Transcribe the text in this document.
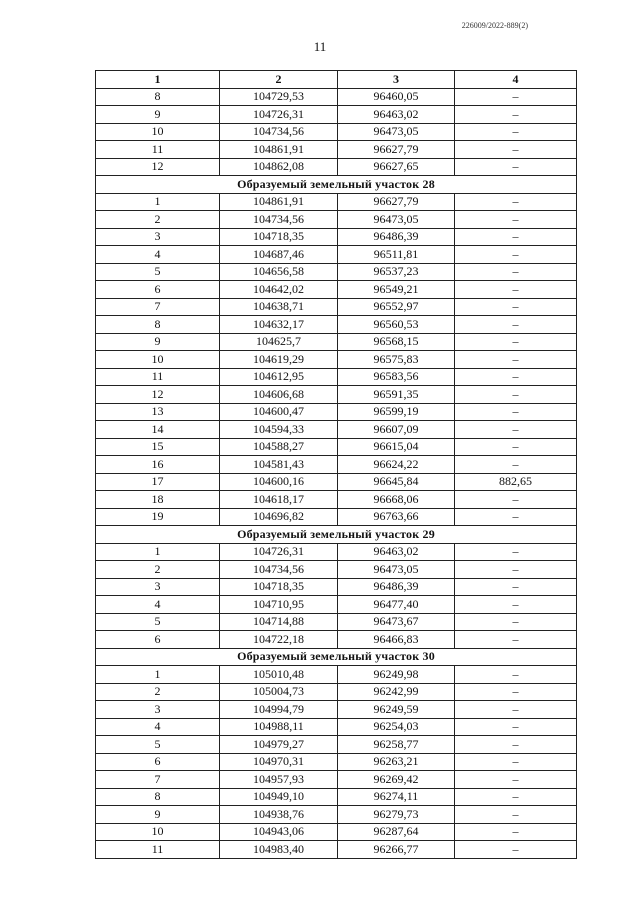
226009/2022-889(2)
11
1	2	3	4
8	104729,53	96460,05	–
9	104726,31	96463,02	–
10	104734,56	96473,05	–
11	104861,91	96627,79	–
12	104862,08	96627,65	–
Образуемый земельный участок 28			
1	104861,91	96627,79	–
2	104734,56	96473,05	–
3	104718,35	96486,39	–
4	104687,46	96511,81	–
5	104656,58	96537,23	–
6	104642,02	96549,21	–
7	104638,71	96552,97	–
8	104632,17	96560,53	–
9	104625,7	96568,15	–
10	104619,29	96575,83	–
11	104612,95	96583,56	–
12	104606,68	96591,35	–
13	104600,47	96599,19	–
14	104594,33	96607,09	–
15	104588,27	96615,04	–
16	104581,43	96624,22	–
17	104600,16	96645,84	882,65
18	104618,17	96668,06	–
19	104696,82	96763,66	–
Образуемый земельный участок 29			
1	104726,31	96463,02	–
2	104734,56	96473,05	–
3	104718,35	96486,39	–
4	104710,95	96477,40	–
5	104714,88	96473,67	–
6	104722,18	96466,83	–
Образуемый земельный участок 30			
1	105010,48	96249,98	–
2	105004,73	96242,99	–
3	104994,79	96249,59	–
4	104988,11	96254,03	–
5	104979,27	96258,77	–
6	104970,31	96263,21	–
7	104957,93	96269,42	–
8	104949,10	96274,11	–
9	104938,76	96279,73	–
10	104943,06	96287,64	–
11	104983,40	96266,77	–
